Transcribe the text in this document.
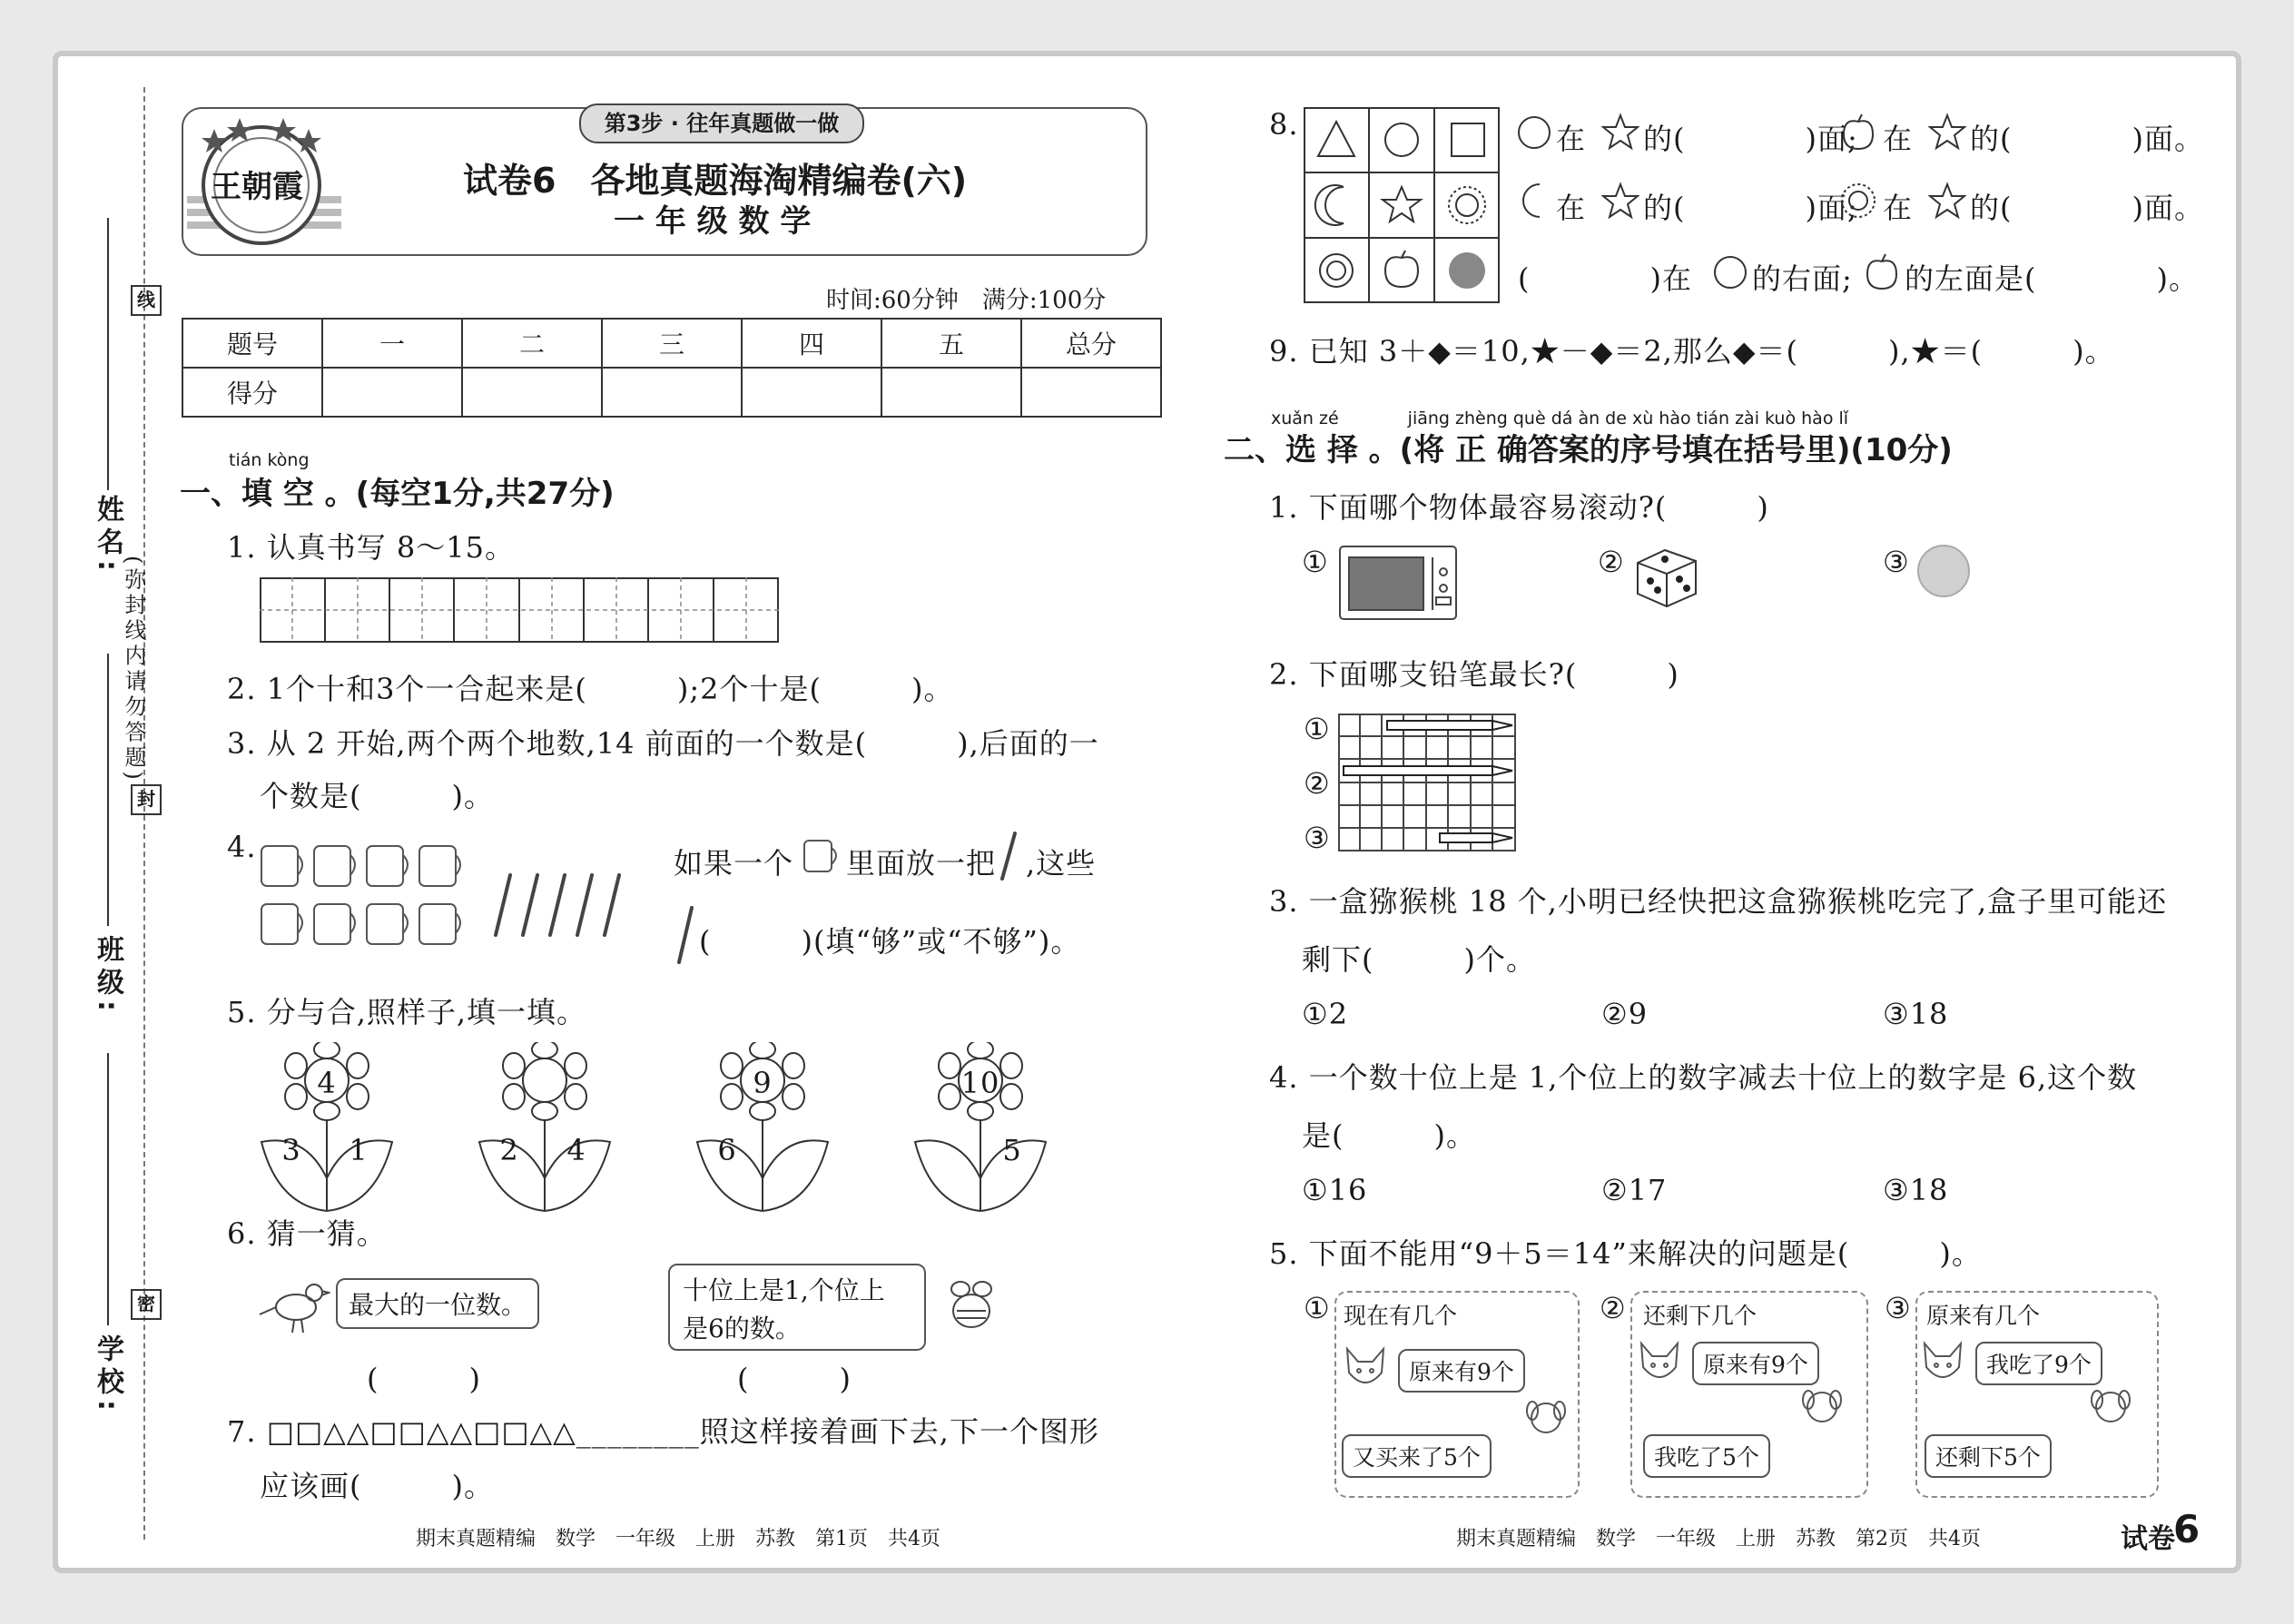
学校:
班级:
姓名:
(弥封线内请勿答题)
线
封
密
第3步 · 往年真题做一做
王朝霞	试卷6　各地真题海淘精编卷(六)
一 年 级 数 学
时间:60分钟　满分:100分
题号	一	二	三	四	五	总分
得分						
tián kòng
一、填 空 。(每空1分,共27分)
1. 认真书写 8～15。
2. 1个十和3个一合起来是(　　　);2个十是(　　　)。
3. 从 2 开始,两个两个地数,14 前面的一个数是(　　　),后面的一
个数是(　　　)。
4.	如果一个 里面放一把 ,这些
(　　　)(填“够”或“不够”)。
5. 分与合,照样子,填一填。
4
3 1	2 4
9
6
10
5
6. 猜一猜。
最大的一位数。	十位上是1,个位上
是6的数。
(　　　)	(　　　)
7. □□△△□□△△□□△△________照这样接着画下去,下一个图形
应该画(　　　)。
期末真题精编　数学　一年级　上册　苏教　第1页　共4页
8.	在 的(　　　　)面; 在 的(　　　　)面。
在 的(　　　　)面; 在 的(　　　　)面。
(　　　　)在 的右面; 的左面是(　　　　)。
9. 已知 3＋◆＝10,★－◆＝2,那么◆＝(　　　),★＝(　　　)。
xuǎn zé　　　　jiāng zhèng què dá àn de xù hào tián zài kuò hào lǐ
二、选 择 。(将 正 确答案的序号填在括号里)(10分)
1. 下面哪个物体最容易滚动?(　　　)
①	②	③
2. 下面哪支铅笔最长?(　　　)
①
②
③
3. 一盒猕猴桃 18 个,小明已经快把这盒猕猴桃吃完了,盒子里可能还
剩下(　　　)个。
①2	②9	③18
4. 一个数十位上是 1,个位上的数字减去十位上的数字是 6,这个数
是(　　　)。
①16	②17	③18
5. 下面不能用“9＋5＝14”来解决的问题是(　　　)。
① 现在有几个
原来有9个
又买来了5个
② 还剩下几个
原来有9个
我吃了5个
③ 原来有几个
我吃了9个
还剩下5个
期末真题精编　数学　一年级　上册　苏教　第2页　共4页	试卷
6
